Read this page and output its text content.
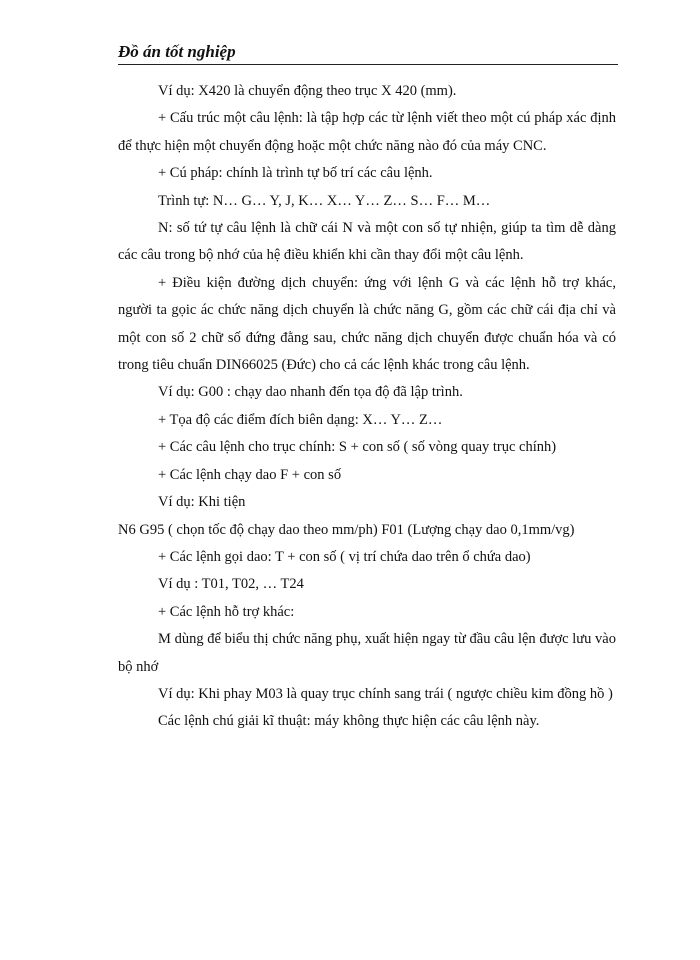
Đồ án tốt nghiệp

Ví dụ: X420 là chuyển động theo trục X 420 (mm).

+ Cấu trúc một câu lệnh: là tập hợp các từ lệnh viết theo một cú pháp xác định để thực hiện một chuyển động hoặc một chức năng nào đó của máy CNC.

+ Cú pháp: chính là trình tự bố trí các câu lệnh.

Trình tự: N… G… Y, J, K… X… Y… Z… S… F… M…

N: số tứ tự câu lệnh là chữ cái N và một con số tự nhiện, giúp ta tìm dễ dàng các câu trong bộ nhớ của hệ điều khiển khi cần thay đổi một câu lệnh.

+ Điều kiện đường dịch chuyển: ứng với lệnh G và các lệnh hỗ trợ khác, người ta gọic ác chức năng dịch chuyển là chức năng G, gồm các chữ cái địa chỉ và một con số 2 chữ số đứng đằng sau, chức năng dịch chuyển được chuẩn hóa và có trong tiêu chuẩn DIN66025 (Đức) cho cả các lệnh khác trong câu lệnh.

Ví dụ: G00 : chạy dao nhanh đến tọa độ đã lập trình.

+ Tọa độ các điểm đích biên dạng: X… Y… Z…

+ Các câu lệnh cho trục chính: S + con số ( số vòng quay trục chính)

+ Các lệnh chạy dao F + con số

Ví dụ: Khi tiện

N6 G95 ( chọn tốc độ chạy dao theo mm/ph) F01 (Lượng chạy dao 0,1mm/vg)

+ Các lệnh gọi dao: T + con số ( vị trí chứa dao trên ổ chứa dao)

Ví dụ : T01, T02, … T24

+ Các lệnh hỗ trợ khác:

M dùng để biểu thị chức năng phụ, xuất hiện ngay từ đầu câu lện được lưu vào bộ nhớ

Ví dụ: Khi phay M03 là quay trục chính sang trái ( ngược chiều kim đồng hồ )

Các lệnh chú giải kĩ thuật: máy không thực hiện các câu lệnh này.
